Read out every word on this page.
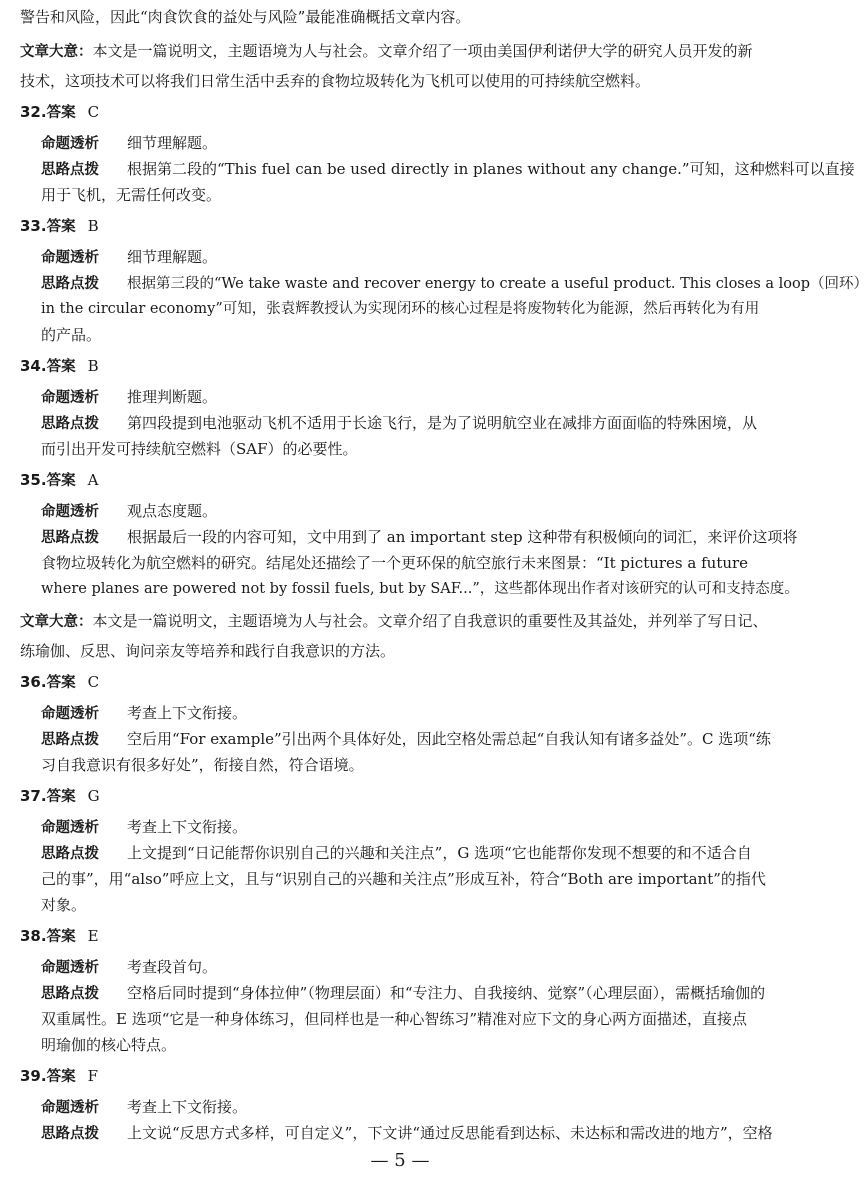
警告和风险，因此“肉食饮食的益处与风险”最能准确概括文章内容。
文章大意：本文是一篇说明文，主题语境为人与社会。文章介绍了一项由美国伊利诺伊大学的研究人员开发的新
技术，这项技术可以将我们日常生活中丢弃的食物垃圾转化为飞机可以使用的可持续航空燃料。
32.答案 C
命题透析 细节理解题。
思路点拨 根据第二段的“This fuel can be used directly in planes without any change.”可知，这种燃料可以直接
用于飞机，无需任何改变。
33.答案 B
命题透析 细节理解题。
思路点拨 根据第三段的“We take waste and recover energy to create a useful product. This closes a loop（回环）
in the circular economy”可知，张袁辉教授认为实现闭环的核心过程是将废物转化为能源，然后再转化为有用
的产品。
34.答案 B
命题透析 推理判断题。
思路点拨 第四段提到电池驱动飞机不适用于长途飞行，是为了说明航空业在减排方面面临的特殊困境，从
而引出开发可持续航空燃料（SAF）的必要性。
35.答案 A
命题透析 观点态度题。
思路点拨 根据最后一段的内容可知，文中用到了 an important step 这种带有积极倾向的词汇，来评价这项将
食物垃圾转化为航空燃料的研究。结尾处还描绘了一个更环保的航空旅行未来图景：“It pictures a future
where planes are powered not by fossil fuels, but by SAF...”，这些都体现出作者对该研究的认可和支持态度。
文章大意：本文是一篇说明文，主题语境为人与社会。文章介绍了自我意识的重要性及其益处，并列举了写日记、
练瑜伽、反思、询问亲友等培养和践行自我意识的方法。
36.答案 C
命题透析 考查上下文衔接。
思路点拨 空后用“For example”引出两个具体好处，因此空格处需总起“自我认知有诸多益处”。C 选项“练
习自我意识有很多好处”，衔接自然，符合语境。
37.答案 G
命题透析 考查上下文衔接。
思路点拨 上文提到“日记能帮你识别自己的兴趣和关注点”，G 选项“它也能帮你发现不想要的和不适合自
己的事”，用“also”呼应上文，且与“识别自己的兴趣和关注点”形成互补，符合“Both are important”的指代
对象。
38.答案 E
命题透析 考查段首句。
思路点拨 空格后同时提到“身体拉伸”（物理层面）和“专注力、自我接纳、觉察”（心理层面），需概括瑜伽的
双重属性。E 选项“它是一种身体练习，但同样也是一种心智练习”精准对应下文的身心两方面描述，直接点
明瑜伽的核心特点。
39.答案 F
命题透析 考查上下文衔接。
思路点拨 上文说“反思方式多样，可自定义”，下文讲“通过反思能看到达标、未达标和需改进的地方”，空格
— 5 —
